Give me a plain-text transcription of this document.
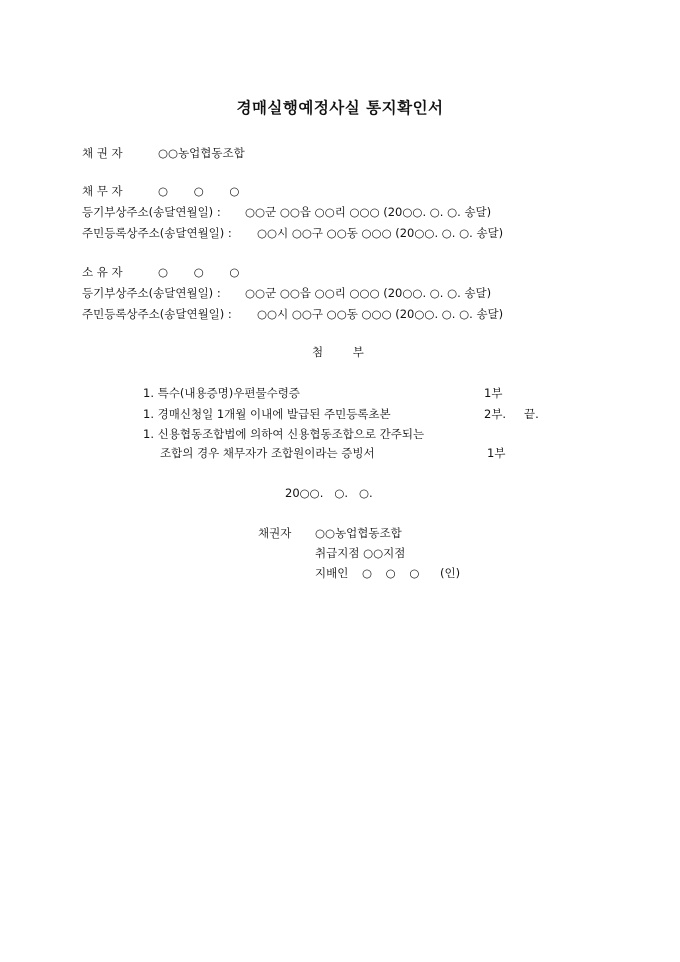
경매실행예정사실 통지확인서
채 권 자	○○농업협동조합
채 무 자	○ ○ ○
등기부상주소(송달연월일) : ○○군 ○○읍 ○○리 ○○○ (20○○. ○. ○. 송달)
주민등록상주소(송달연월일) : ○○시 ○○구 ○○동 ○○○ (20○○. ○. ○. 송달)
소 유 자	○ ○ ○
등기부상주소(송달연월일) : ○○군 ○○읍 ○○리 ○○○ (20○○. ○. ○. 송달)
주민등록상주소(송달연월일) : ○○시 ○○구 ○○동 ○○○ (20○○. ○. ○. 송달)
첨 부
1. 특수(내용증명)우편물수령증	1부
1. 경매신청일 1개월 이내에 발급된 주민등록초본	2부. 끝.
1. 신용협동조합법에 의하여 신용협동조합으로 간주되는
조합의 경우 채무자가 조합원이라는 증빙서	1부
20○○.   ○.   ○.
채권자 ○○농업협동조합
취급지점 ○○지점
지배인 ○ ○ ○ (인)
